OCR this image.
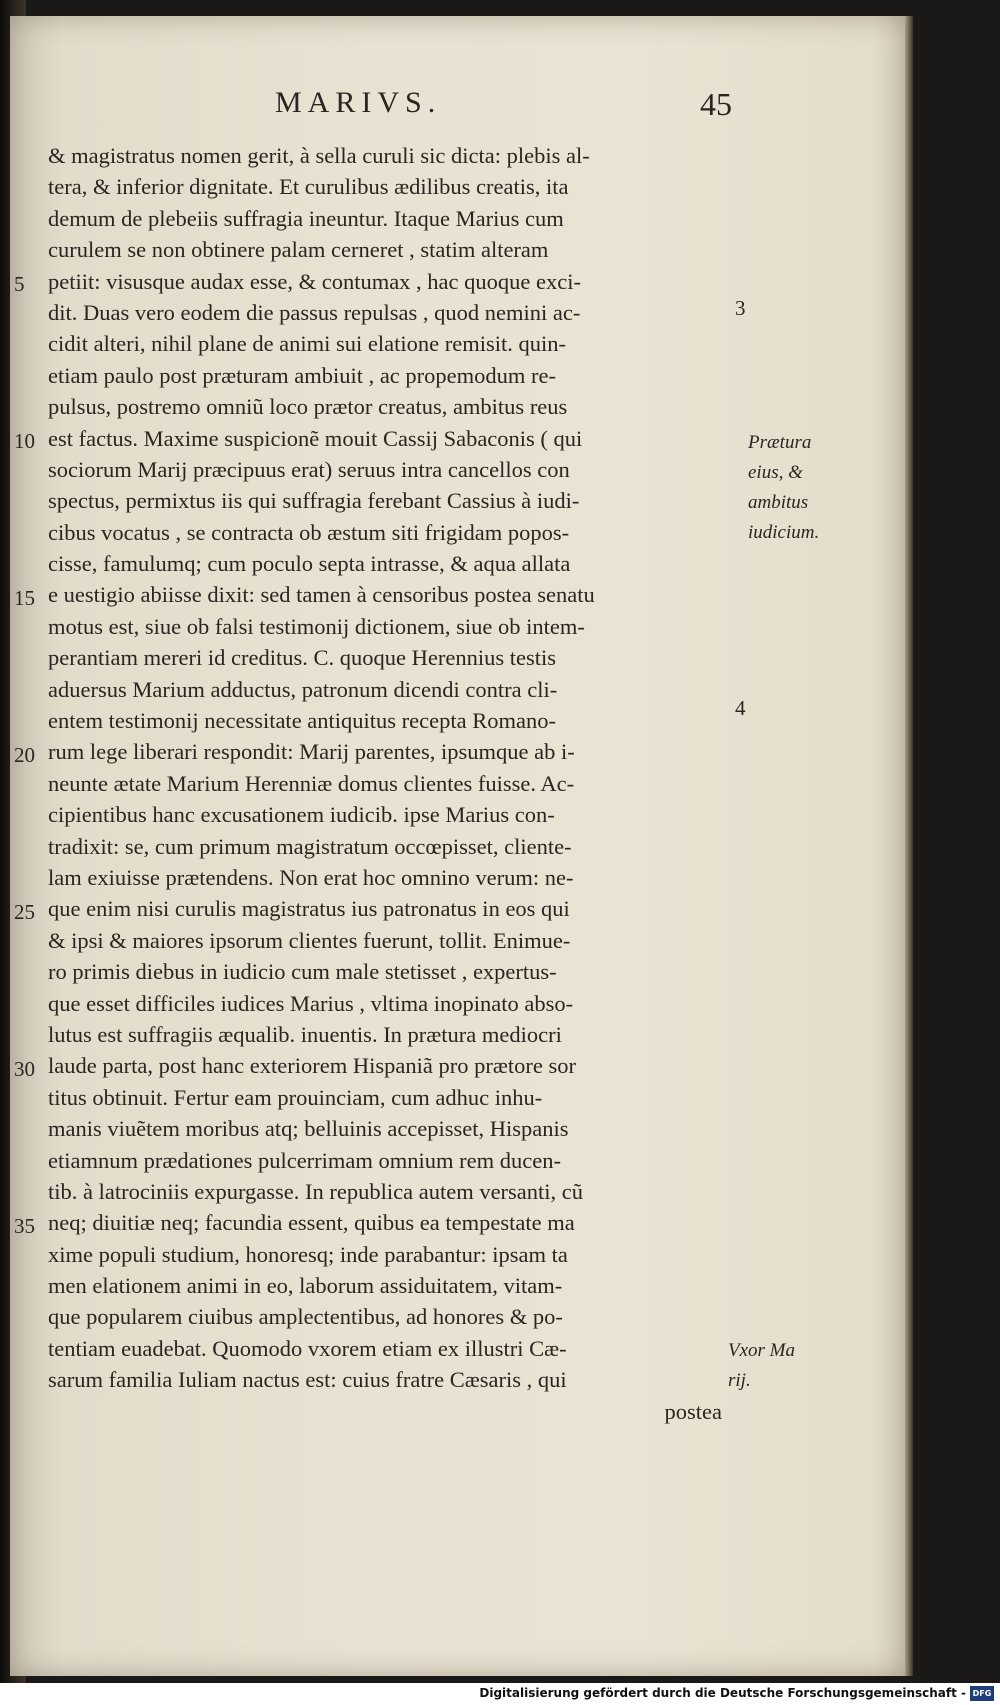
MARIVS.	45
& magistratus nomen gerit, à sella curuli sic dicta: plebis al-
tera, & inferior dignitate. Et curulibus ædilibus creatis, ita
demum de plebeiis suffragia ineuntur. Itaque Marius cum
curulem se non obtinere palam cerneret , statim alteram
petiit: visusque audax esse, & contumax , hac quoque exci-
dit. Duas vero eodem die passus repulsas , quod nemini ac-
cidit alteri, nihil plane de animi sui elatione remisit. quin-
etiam paulo post præturam ambiuit , ac propemodum re-
pulsus, postremo omniũ loco prætor creatus, ambitus reus
est factus. Maxime suspicionẽ mouit Cassij Sabaconis ( qui
sociorum Marij præcipuus erat) seruus intra cancellos con
spectus, permixtus iis qui suffragia ferebant Cassius à iudi-
cibus vocatus , se contracta ob æstum siti frigidam popos-
cisse, famulumq; cum poculo septa intrasse, & aqua allata
e uestigio abiisse dixit: sed tamen à censoribus postea senatu
motus est, siue ob falsi testimonij dictionem, siue ob intem-
perantiam mereri id creditus. C. quoque Herennius testis
aduersus Marium adductus, patronum dicendi contra cli-
entem testimonij necessitate antiquitus recepta Romano-
rum lege liberari respondit: Marij parentes, ipsumque ab i-
neunte ætate Marium Herenniæ domus clientes fuisse. Ac-
cipientibus hanc excusationem iudicib. ipse Marius con-
tradixit: se, cum primum magistratum occœpisset, cliente-
lam exiuisse prætendens. Non erat hoc omnino verum: ne-
que enim nisi curulis magistratus ius patronatus in eos qui
& ipsi & maiores ipsorum clientes fuerunt, tollit. Enimue-
ro primis diebus in iudicio cum male stetisset , expertus-
que esset difficiles iudices Marius , vltima inopinato abso-
lutus est suffragiis æqualib. inuentis. In prætura mediocri
laude parta, post hanc exteriorem Hispaniã pro prætore sor
titus obtinuit. Fertur eam prouinciam, cum adhuc inhu-
manis viuẽtem moribus atq; belluinis accepisset, Hispanis
etiamnum prædationes pulcerrimam omnium rem ducen-
tib. à latrociniis expurgasse. In republica autem versanti, cũ
neq; diuitiæ neq; facundia essent, quibus ea tempestate ma
xime populi studium, honoresq; inde parabantur: ipsam ta
men elationem animi in eo, laborum assiduitatem, vitam-
que popularem ciuibus amplectentibus, ad honores & po-
tentiam euadebat. Quomodo vxorem etiam ex illustri Cæ-
sarum familia Iuliam nactus est: cuius fratre Cæsaris , qui
postea
5
10
15
20
25
30
35
3
4
Prætura
eius, &
ambitus
iudicium.
Vxor Ma
rij.
Digitalisierung gefördert durch die Deutsche Forschungsgemeinschaft - DFG
